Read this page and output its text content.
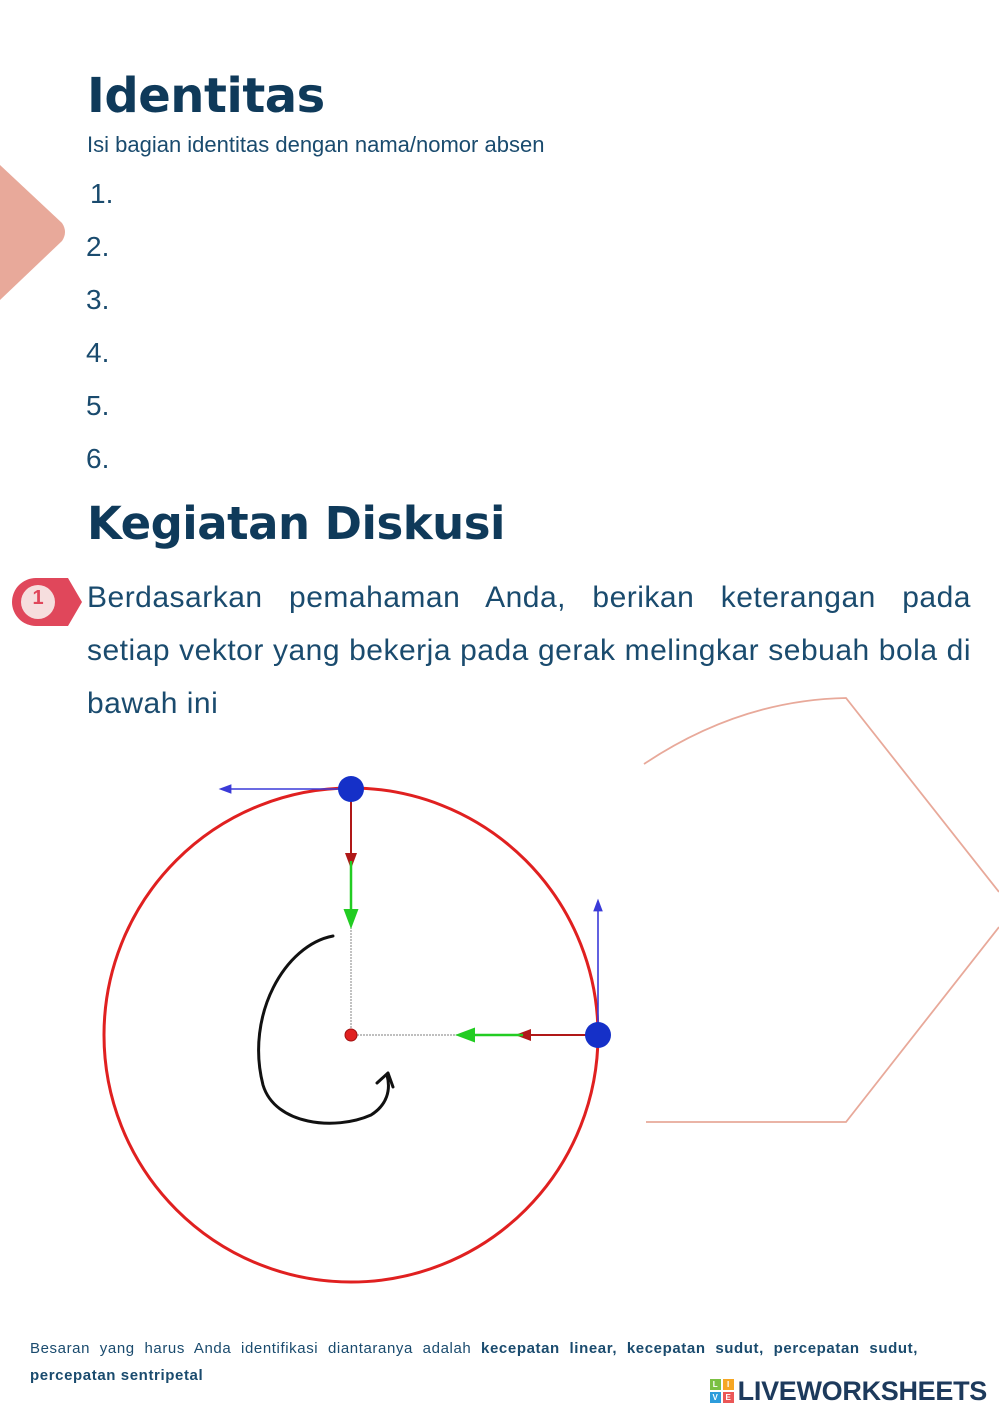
Identitas
Isi bagian identitas dengan nama/nomor absen
1.
2.
3.
4.
5.
6.
Kegiatan Diskusi
1 Berdasarkan pemahaman Anda, berikan keterangan pada setiap vektor yang bekerja pada gerak melingkar sebuah bola di bawah ini

Besaran yang harus Anda identifikasi diantaranya adalah kecepatan linear, kecepatan sudut, percepatan sudut, percepatan sentripetal

L	I
V E LIVEWORKSHEETS
